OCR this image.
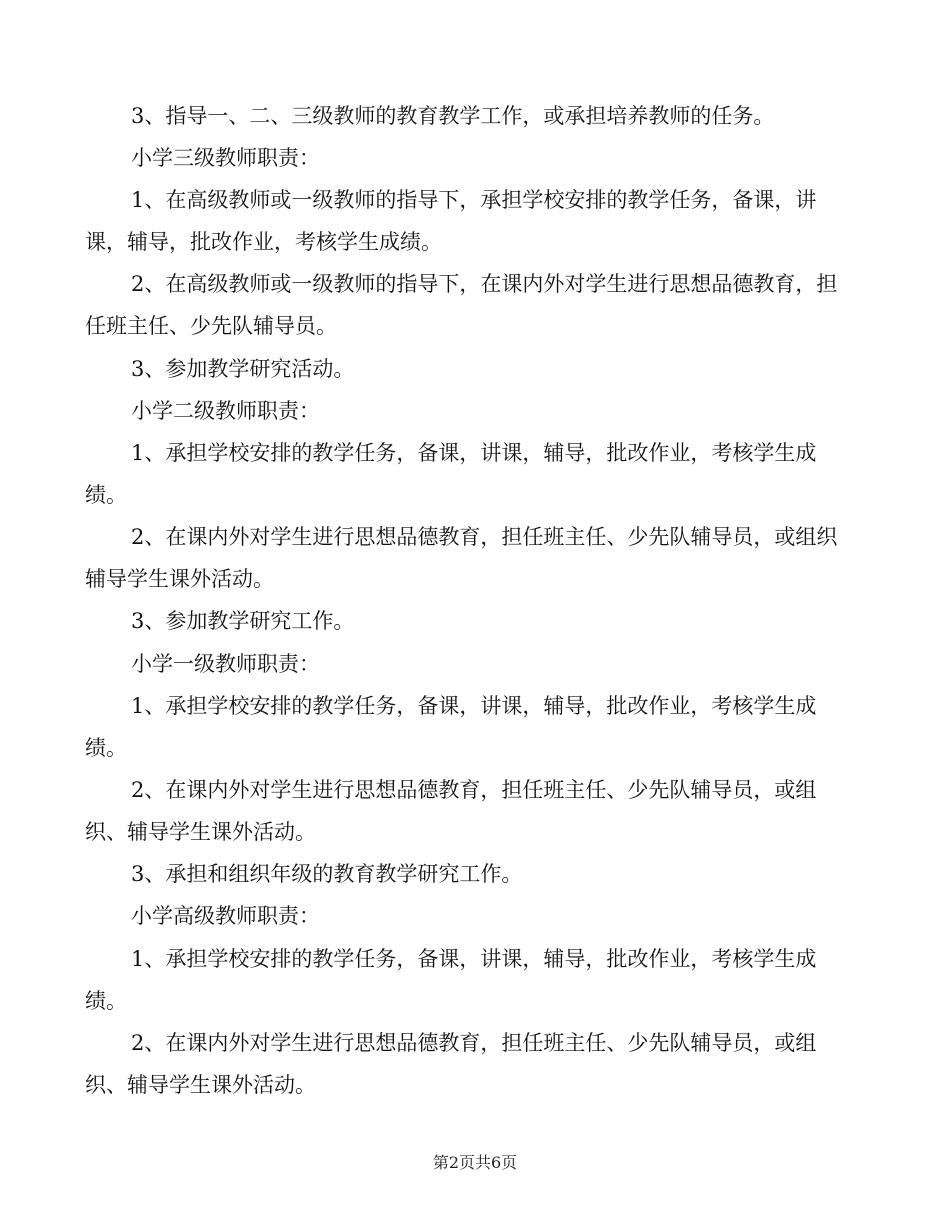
3、指导一、二、三级教师的教育教学工作，或承担培养教师的任务。
小学三级教师职责：
1、在高级教师或一级教师的指导下，承担学校安排的教学任务，备课，讲
课，辅导，批改作业，考核学生成绩。
2、在高级教师或一级教师的指导下，在课内外对学生进行思想品德教育，担
任班主任、少先队辅导员。
3、参加教学研究活动。
小学二级教师职责：
1、承担学校安排的教学任务，备课，讲课，辅导，批改作业，考核学生成
绩。
2、在课内外对学生进行思想品德教育，担任班主任、少先队辅导员，或组织
辅导学生课外活动。
3、参加教学研究工作。
小学一级教师职责：
1、承担学校安排的教学任务，备课，讲课，辅导，批改作业，考核学生成
绩。
2、在课内外对学生进行思想品德教育，担任班主任、少先队辅导员，或组
织、辅导学生课外活动。
3、承担和组织年级的教育教学研究工作。
小学高级教师职责：
1、承担学校安排的教学任务，备课，讲课，辅导，批改作业，考核学生成
绩。
2、在课内外对学生进行思想品德教育，担任班主任、少先队辅导员，或组
织、辅导学生课外活动。
第2页共6页
